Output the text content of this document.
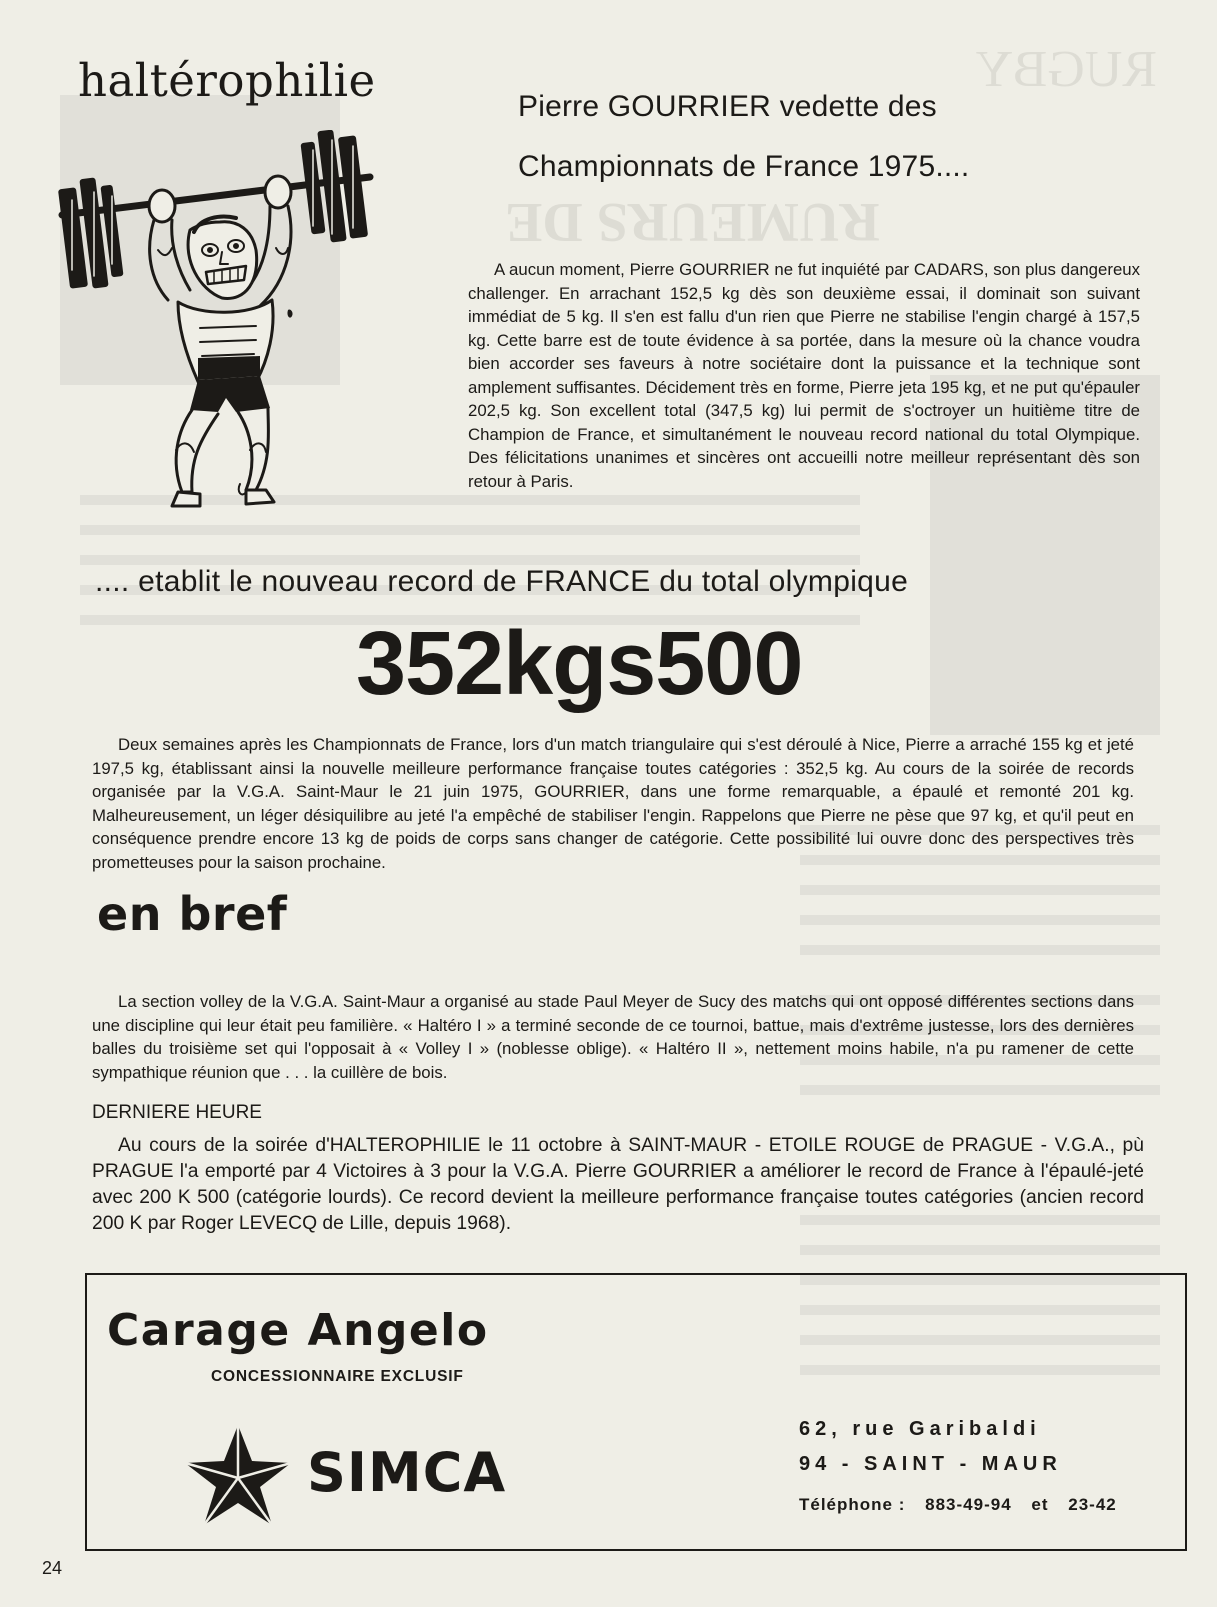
RUGBY
RUMEURS DE
haltérophilie	Pierre GOURRIER vedette des
Championnats de France 1975....
A aucun moment, Pierre GOURRIER ne fut inquiété par CADARS, son plus dangereux challenger. En arrachant 152,5 kg dès son deuxième essai, il dominait son suivant immédiat de 5 kg. Il s'en est fallu d'un rien que Pierre ne stabilise l'engin chargé à 157,5 kg. Cette barre est de toute évidence à sa portée, dans la mesure où la chance voudra bien accorder ses faveurs à notre sociétaire dont la puissance et la technique sont amplement suffisantes. Décidement très en forme, Pierre jeta 195 kg, et ne put qu'épauler 202,5 kg. Son excellent total (347,5 kg) lui permit de s'octroyer un huitième titre de Champion de France, et simultanément le nouveau record national du total Olympique. Des félicitations unanimes et sincères ont accueilli notre meilleur représentant dès son retour à Paris.
.... etablit le nouveau record de FRANCE du total olympique
352kgs500
Deux semaines après les Championnats de France, lors d'un match triangulaire qui s'est déroulé à Nice, Pierre a arraché 155 kg et jeté 197,5 kg, établissant ainsi la nouvelle meilleure performance française toutes catégories : 352,5 kg. Au cours de la soirée de records organisée par la V.G.A. Saint-Maur le 21 juin 1975, GOURRIER, dans une forme remarquable, a épaulé et remonté 201 kg. Malheureusement, un léger désiquilibre au jeté l'a empêché de stabiliser l'engin. Rappelons que Pierre ne pèse que 97 kg, et qu'il peut en conséquence prendre encore 13 kg de poids de corps sans changer de catégorie. Cette possibilité lui ouvre donc des perspectives très prometteuses pour la saison prochaine.
en bref
La section volley de la V.G.A. Saint-Maur a organisé au stade Paul Meyer de Sucy des matchs qui ont opposé différentes sections dans une discipline qui leur était peu familière. « Haltéro I » a terminé seconde de ce tournoi, battue, mais d'extrême justesse, lors des dernières balles du troisième set qui l'opposait à « Volley I » (noblesse oblige). « Haltéro II », nettement moins habile, n'a pu ramener de cette sympathique réunion que . . . la cuillère de bois.
DERNIERE HEURE
Au cours de la soirée d'HALTEROPHILIE le 11 octobre à SAINT-MAUR - ETOILE ROUGE de PRAGUE - V.G.A., pù PRAGUE l'a emporté par 4 Victoires à 3 pour la V.G.A. Pierre GOURRIER a améliorer le record de France à l'épaulé-jeté avec 200 K 500 (catégorie lourds). Ce record devient la meilleure performance française toutes catégories (ancien record 200 K par Roger LEVECQ de Lille, depuis 1968).
Carage Angelo
CONCESSIONNAIRE EXCLUSIF
SIMCA
62, rue Garibaldi
94 - SAINT - MAUR
Téléphone : 883-49-94 et 23-42
24
